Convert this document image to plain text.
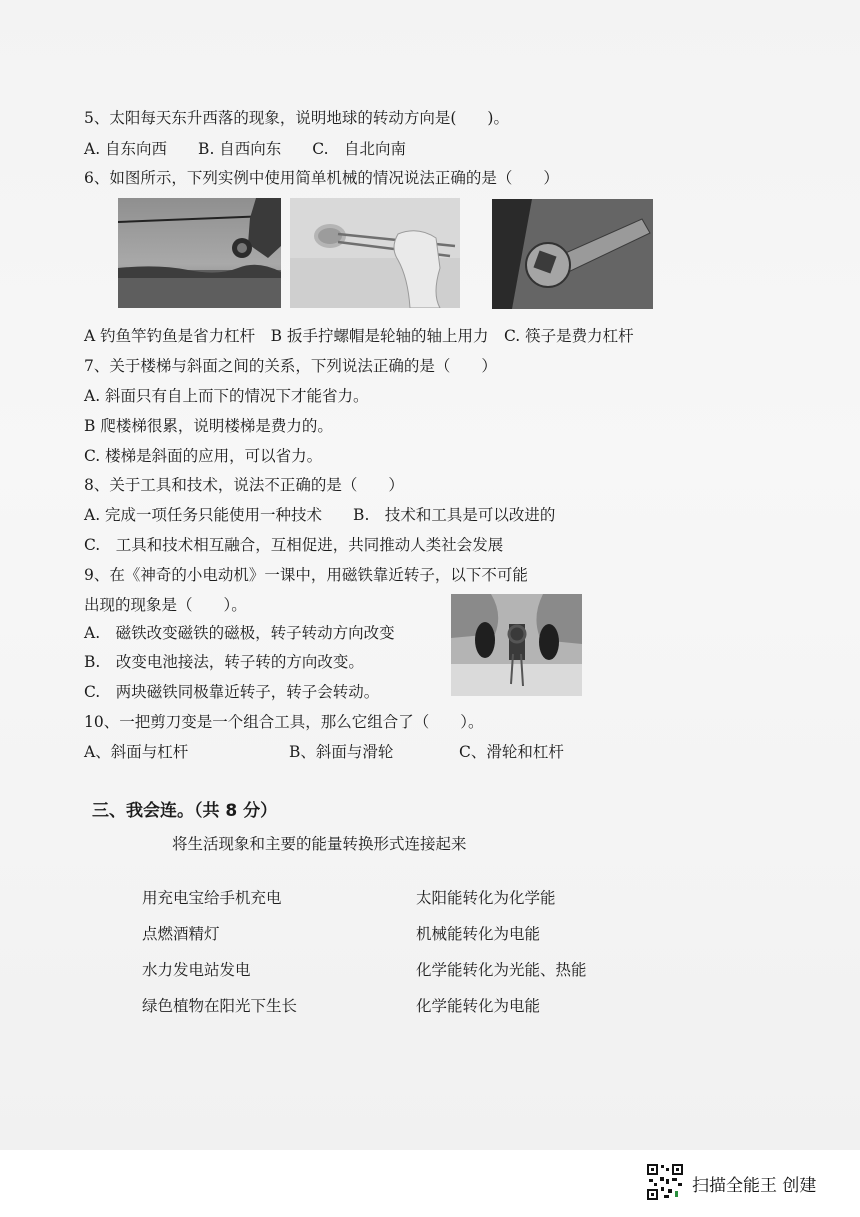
5、太阳每天东升西落的现象，说明地球的转动方向是(　　)。
A. 自东向西　　B. 自西向东　　C.　自北向南
6、如图所示，下列实例中使用简单机械的情况说法正确的是（　　）
A 钓鱼竿钓鱼是省力杠杆　B 扳手拧螺帽是轮轴的轴上用力　C. 筷子是费力杠杆
7、关于楼梯与斜面之间的关系，下列说法正确的是（　　）
A. 斜面只有自上而下的情况下才能省力。
B 爬楼梯很累，说明楼梯是费力的。
C. 楼梯是斜面的应用，可以省力。
8、关于工具和技术，说法不正确的是（　　）
A. 完成一项任务只能使用一种技术　　B.　技术和工具是可以改进的
C.　工具和技术相互融合，互相促进，共同推动人类社会发展
9、在《神奇的小电动机》一课中，用磁铁靠近转子，以下不可能
出现的现象是（　　）。
A.　磁铁改变磁铁的磁极，转子转动方向改变
B.　改变电池接法，转子转的方向改变。
C.　两块磁铁同极靠近转子，转子会转动。
10、一把剪刀变是一个组合工具，那么它组合了（　　）。
A、斜面与杠杆	B、斜面与滑轮	C、滑轮和杠杆
三、我会连。（共 8 分）
将生活现象和主要的能量转换形式连接起来
用充电宝给手机充电
点燃酒精灯
水力发电站发电
绿色植物在阳光下生长
太阳能转化为化学能
机械能转化为电能
化学能转化为光能、热能
化学能转化为电能
扫描全能王 创建
